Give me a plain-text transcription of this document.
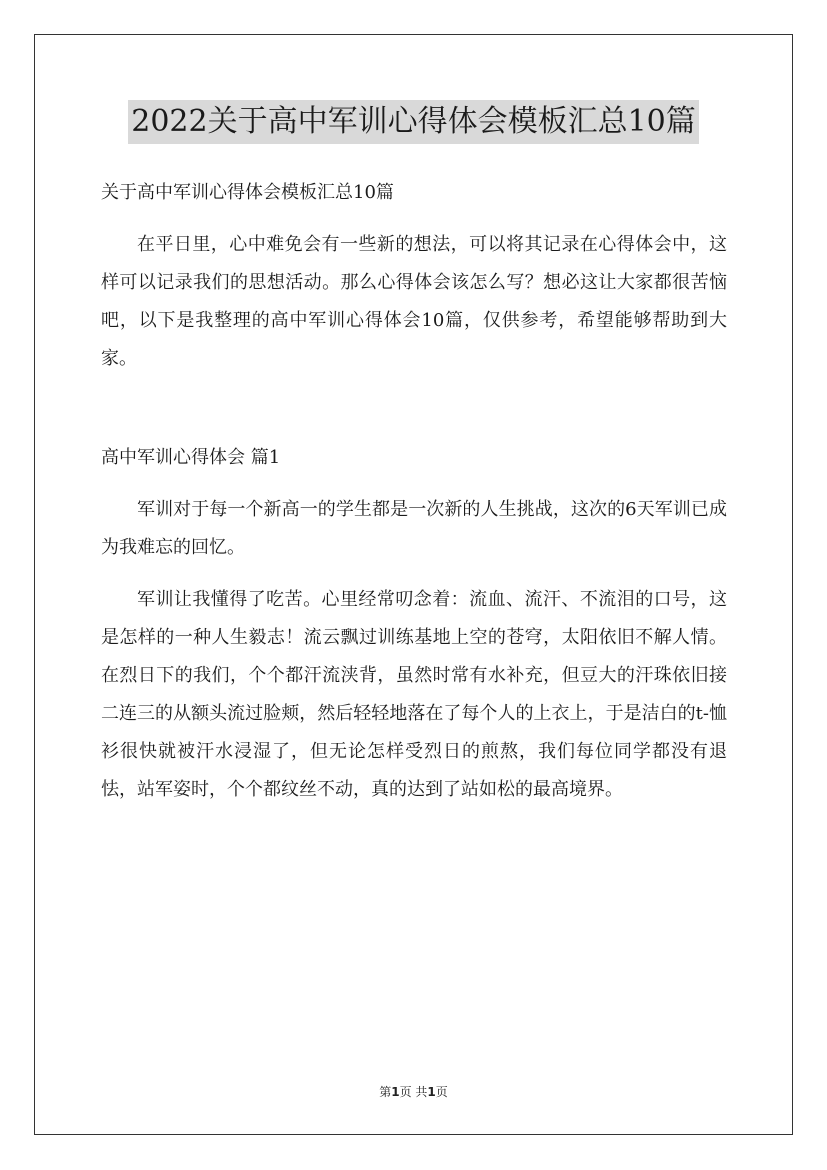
2022关于高中军训心得体会模板汇总10篇

关于高中军训心得体会模板汇总10篇

在平日里，心中难免会有一些新的想法，可以将其记录在心得体会中，这样可以记录我们的思想活动。那么心得体会该怎么写？想必这让大家都很苦恼吧，以下是我整理的高中军训心得体会10篇，仅供参考，希望能够帮助到大家。

高中军训心得体会 篇1

军训对于每一个新高一的学生都是一次新的人生挑战，这次的6天军训已成为我难忘的回忆。

军训让我懂得了吃苦。心里经常叨念着：流血、流汗、不流泪的口号，这是怎样的一种人生毅志！流云飘过训练基地上空的苍穹，太阳依旧不解人情。在烈日下的我们，个个都汗流浃背，虽然时常有水补充，但豆大的汗珠依旧接二连三的从额头流过脸颊，然后轻轻地落在了每个人的上衣上，于是洁白的t-恤衫很快就被汗水浸湿了，但无论怎样受烈日的煎熬，我们每位同学都没有退怯，站军姿时，个个都纹丝不动，真的达到了站如松的最高境界。

第1页 共1页
